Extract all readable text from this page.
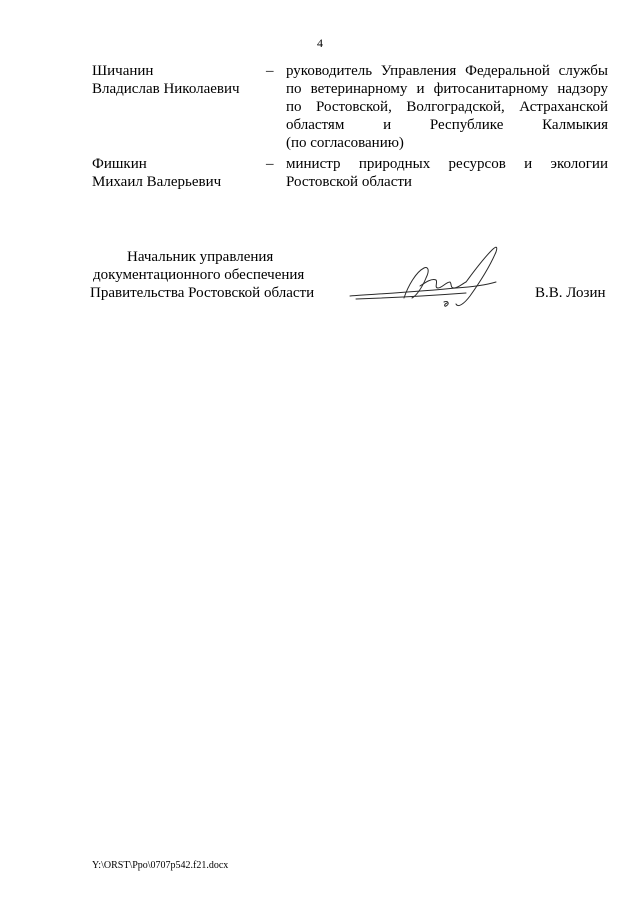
4
Шичанин
Владислав Николаевич
– руководитель Управления Федеральной службы
по ветеринарному и фитосанитарному надзору
по Ростовской, Волгоградской, Астраханской
областям и Республике Калмыкия
(по согласованию)
Фишкин
Михаил Валерьевич
– министр природных ресурсов и экологии
Ростовской области
Начальник управления
документационного обеспечения
Правительства Ростовской области	В.В. Лозин
Y:\ORST\Ppo\0707p542.f21.docx
